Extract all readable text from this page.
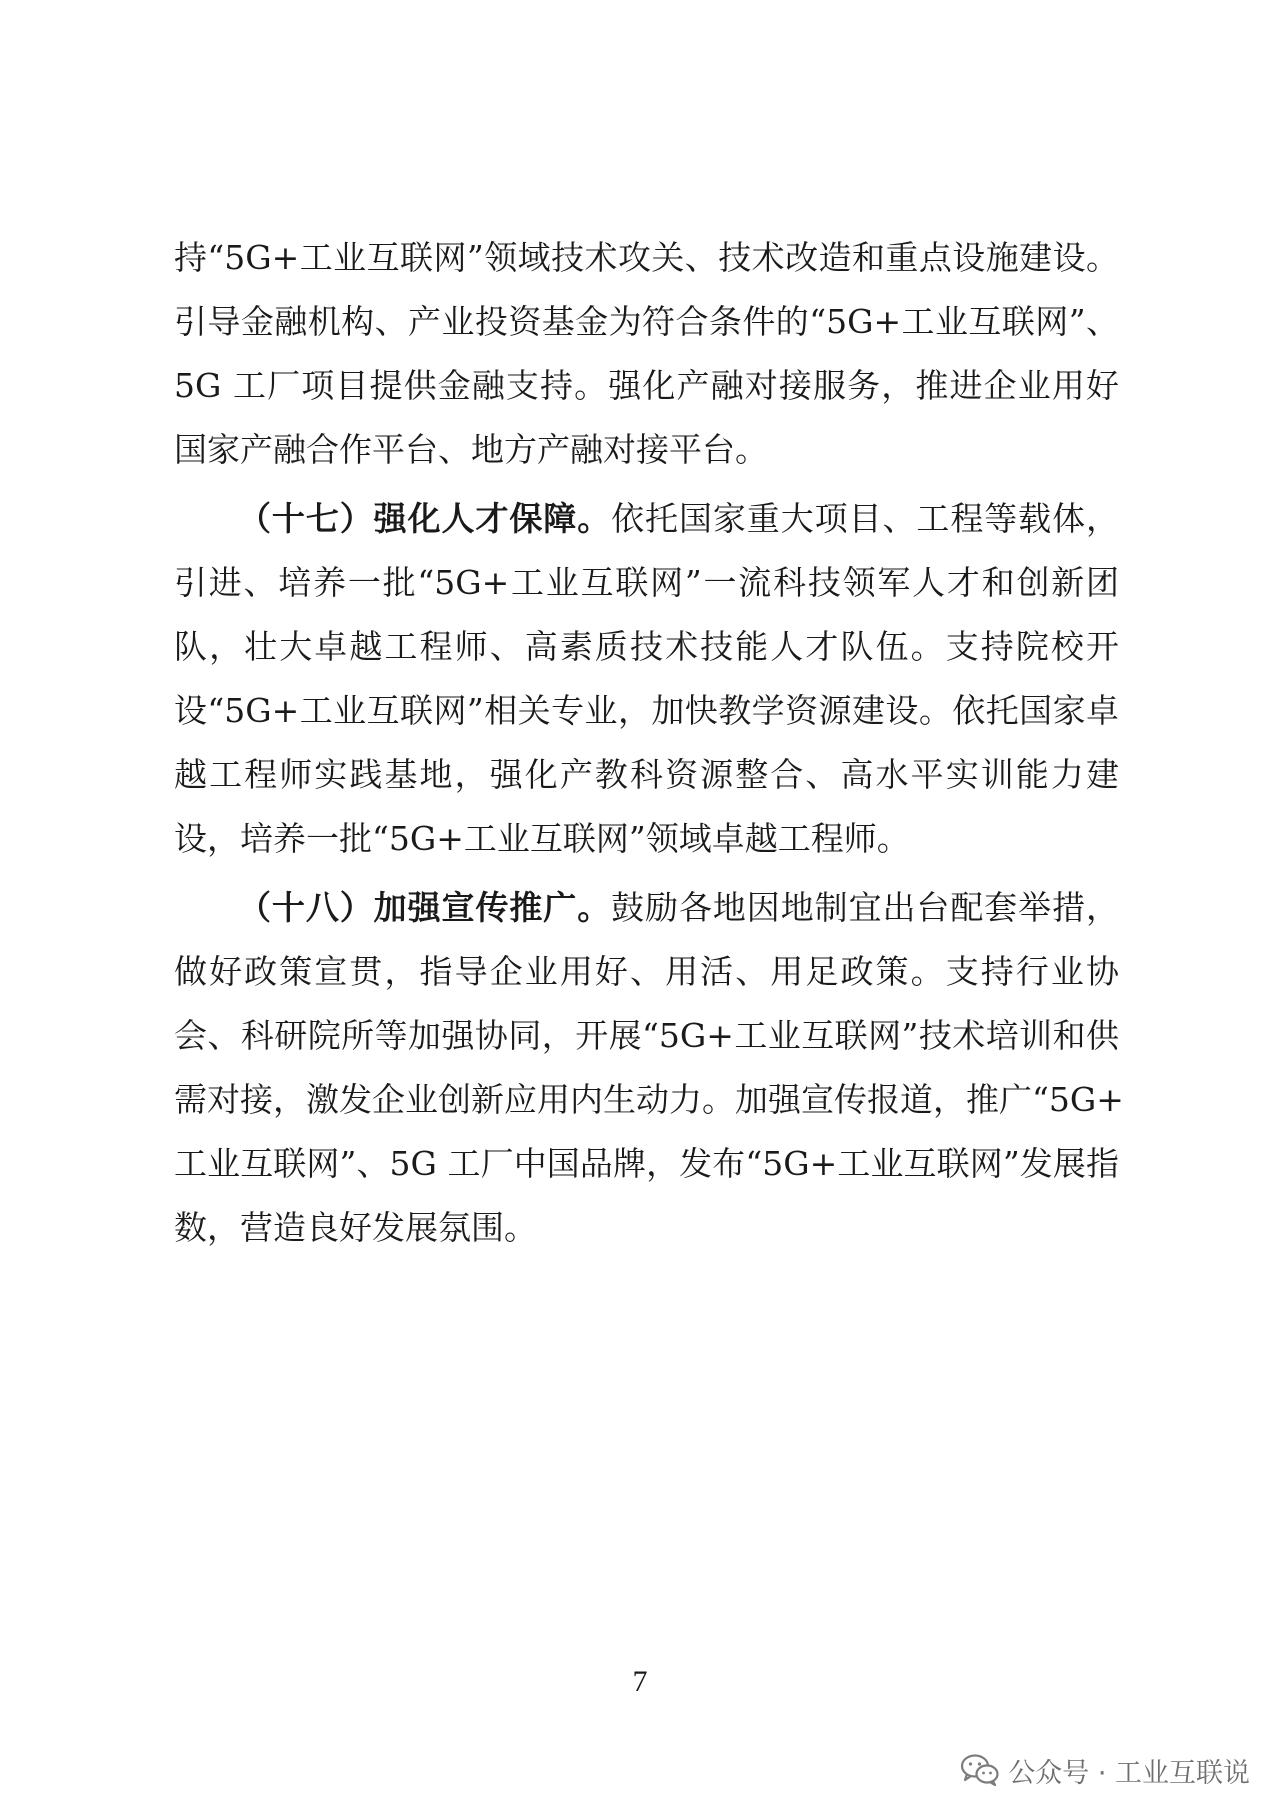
持“5G+工业互联网”领域技术攻关、技术改造和重点设施建设。
引导金融机构、产业投资基金为符合条件的“5G+工业互联网”、
5G 工厂项目提供金融支持。强化产融对接服务，推进企业用好
国家产融合作平台、地方产融对接平台。
（十七）强化人才保障。依托国家重大项目、工程等载体，
引进、培养一批“5G+工业互联网”一流科技领军人才和创新团
队，壮大卓越工程师、高素质技术技能人才队伍。支持院校开
设“5G+工业互联网”相关专业，加快教学资源建设。依托国家卓
越工程师实践基地，强化产教科资源整合、高水平实训能力建
设，培养一批“5G+工业互联网”领域卓越工程师。
（十八）加强宣传推广。鼓励各地因地制宜出台配套举措，
做好政策宣贯，指导企业用好、用活、用足政策。支持行业协
会、科研院所等加强协同，开展“5G+工业互联网”技术培训和供
需对接，激发企业创新应用内生动力。加强宣传报道，推广“5G+
工业互联网”、5G 工厂中国品牌，发布“5G+工业互联网”发展指
数，营造良好发展氛围。
7
公众号 · 工业互联说
